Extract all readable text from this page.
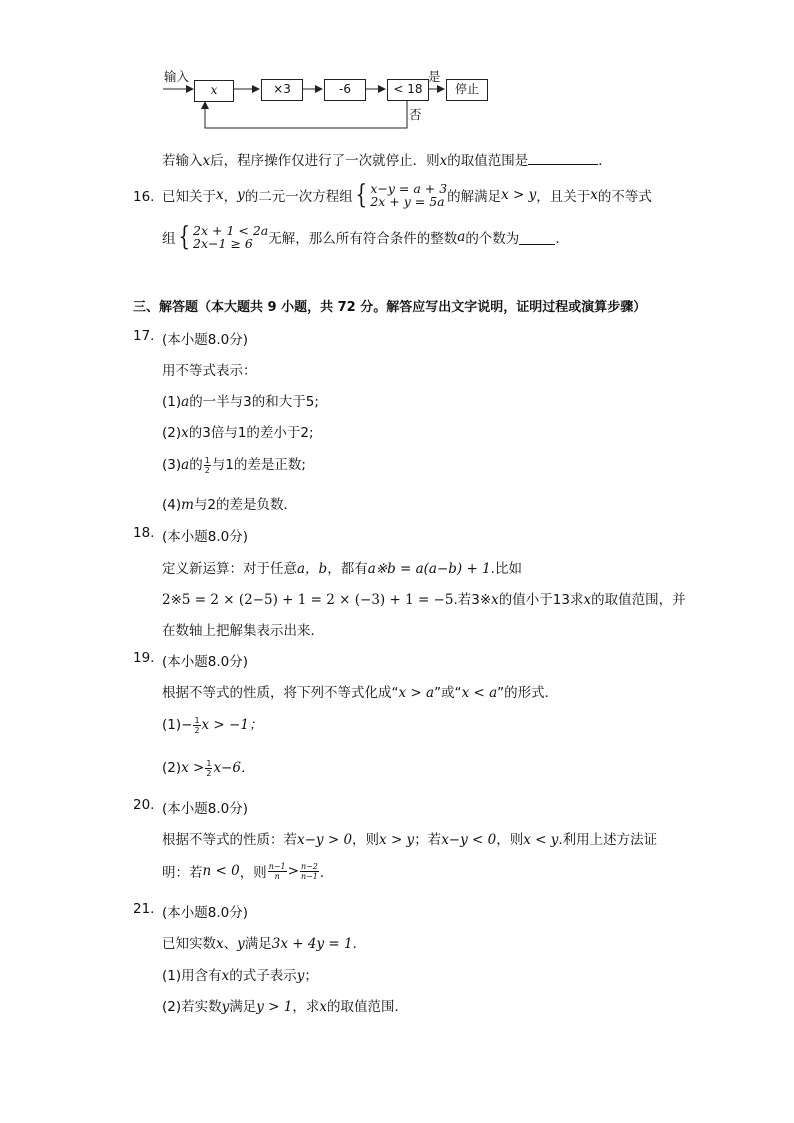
输入
x	×3	-6	< 18	停止
是
否
若输入x后，程序操作仅进行了一次就停止．则x的取值范围是	．
16. 已知关于 x ， y 的二元一次方程组 { x−y = a + 3
2x + y = 5a 的解满足 x > y ，且关于 x 的不等式
组 { 2x + 1 < 2a
2x−1 ≥ 6	无解，那么所有符合条件的整数 a 的个数为	．
三、解答题（本大题共 9 小题，共 72 分。解答应写出文字说明，证明过程或演算步骤）
17. (本小题8.0分)
用不等式表示：
(1)a的一半与3的和大于5;
(2)x的3倍与1的差小于2;
(3)a的 $\frac{1}{2}$ 与1的差是正数;
(4)m与2的差是负数．
18. (本小题8.0分)
定义新运算：对于任意a，b，都有a※b = a(a−b) + 1.比如
2※5 = 2 × (2−5) + 1 = 2 × (−3) + 1 = −5.若3※x的值小于13求x的取值范围，并
在数轴上把解集表示出来．
19. (本小题8.0分)
根据不等式的性质，将下列不等式化成“x > a”或“x < a”的形式．
$(1)- \frac{1}{2}$ x > −1；
$(2)x > \frac{1}{2} x-6$．
20. (本小题8.0分)
根据不等式的性质：若x−y > 0，则x > y；若x−y < 0，则x < y.利用上述方法证
明：若 n < 0 ，则 $\frac{n-1}{n} > \frac{n-2}{n-1}$ ．
21. (本小题8.0分)
已知实数x、y满足3x + 4y = 1．
(1)用含有x的式子表示y；
(2)若实数y满足y > 1，求x的取值范围．
